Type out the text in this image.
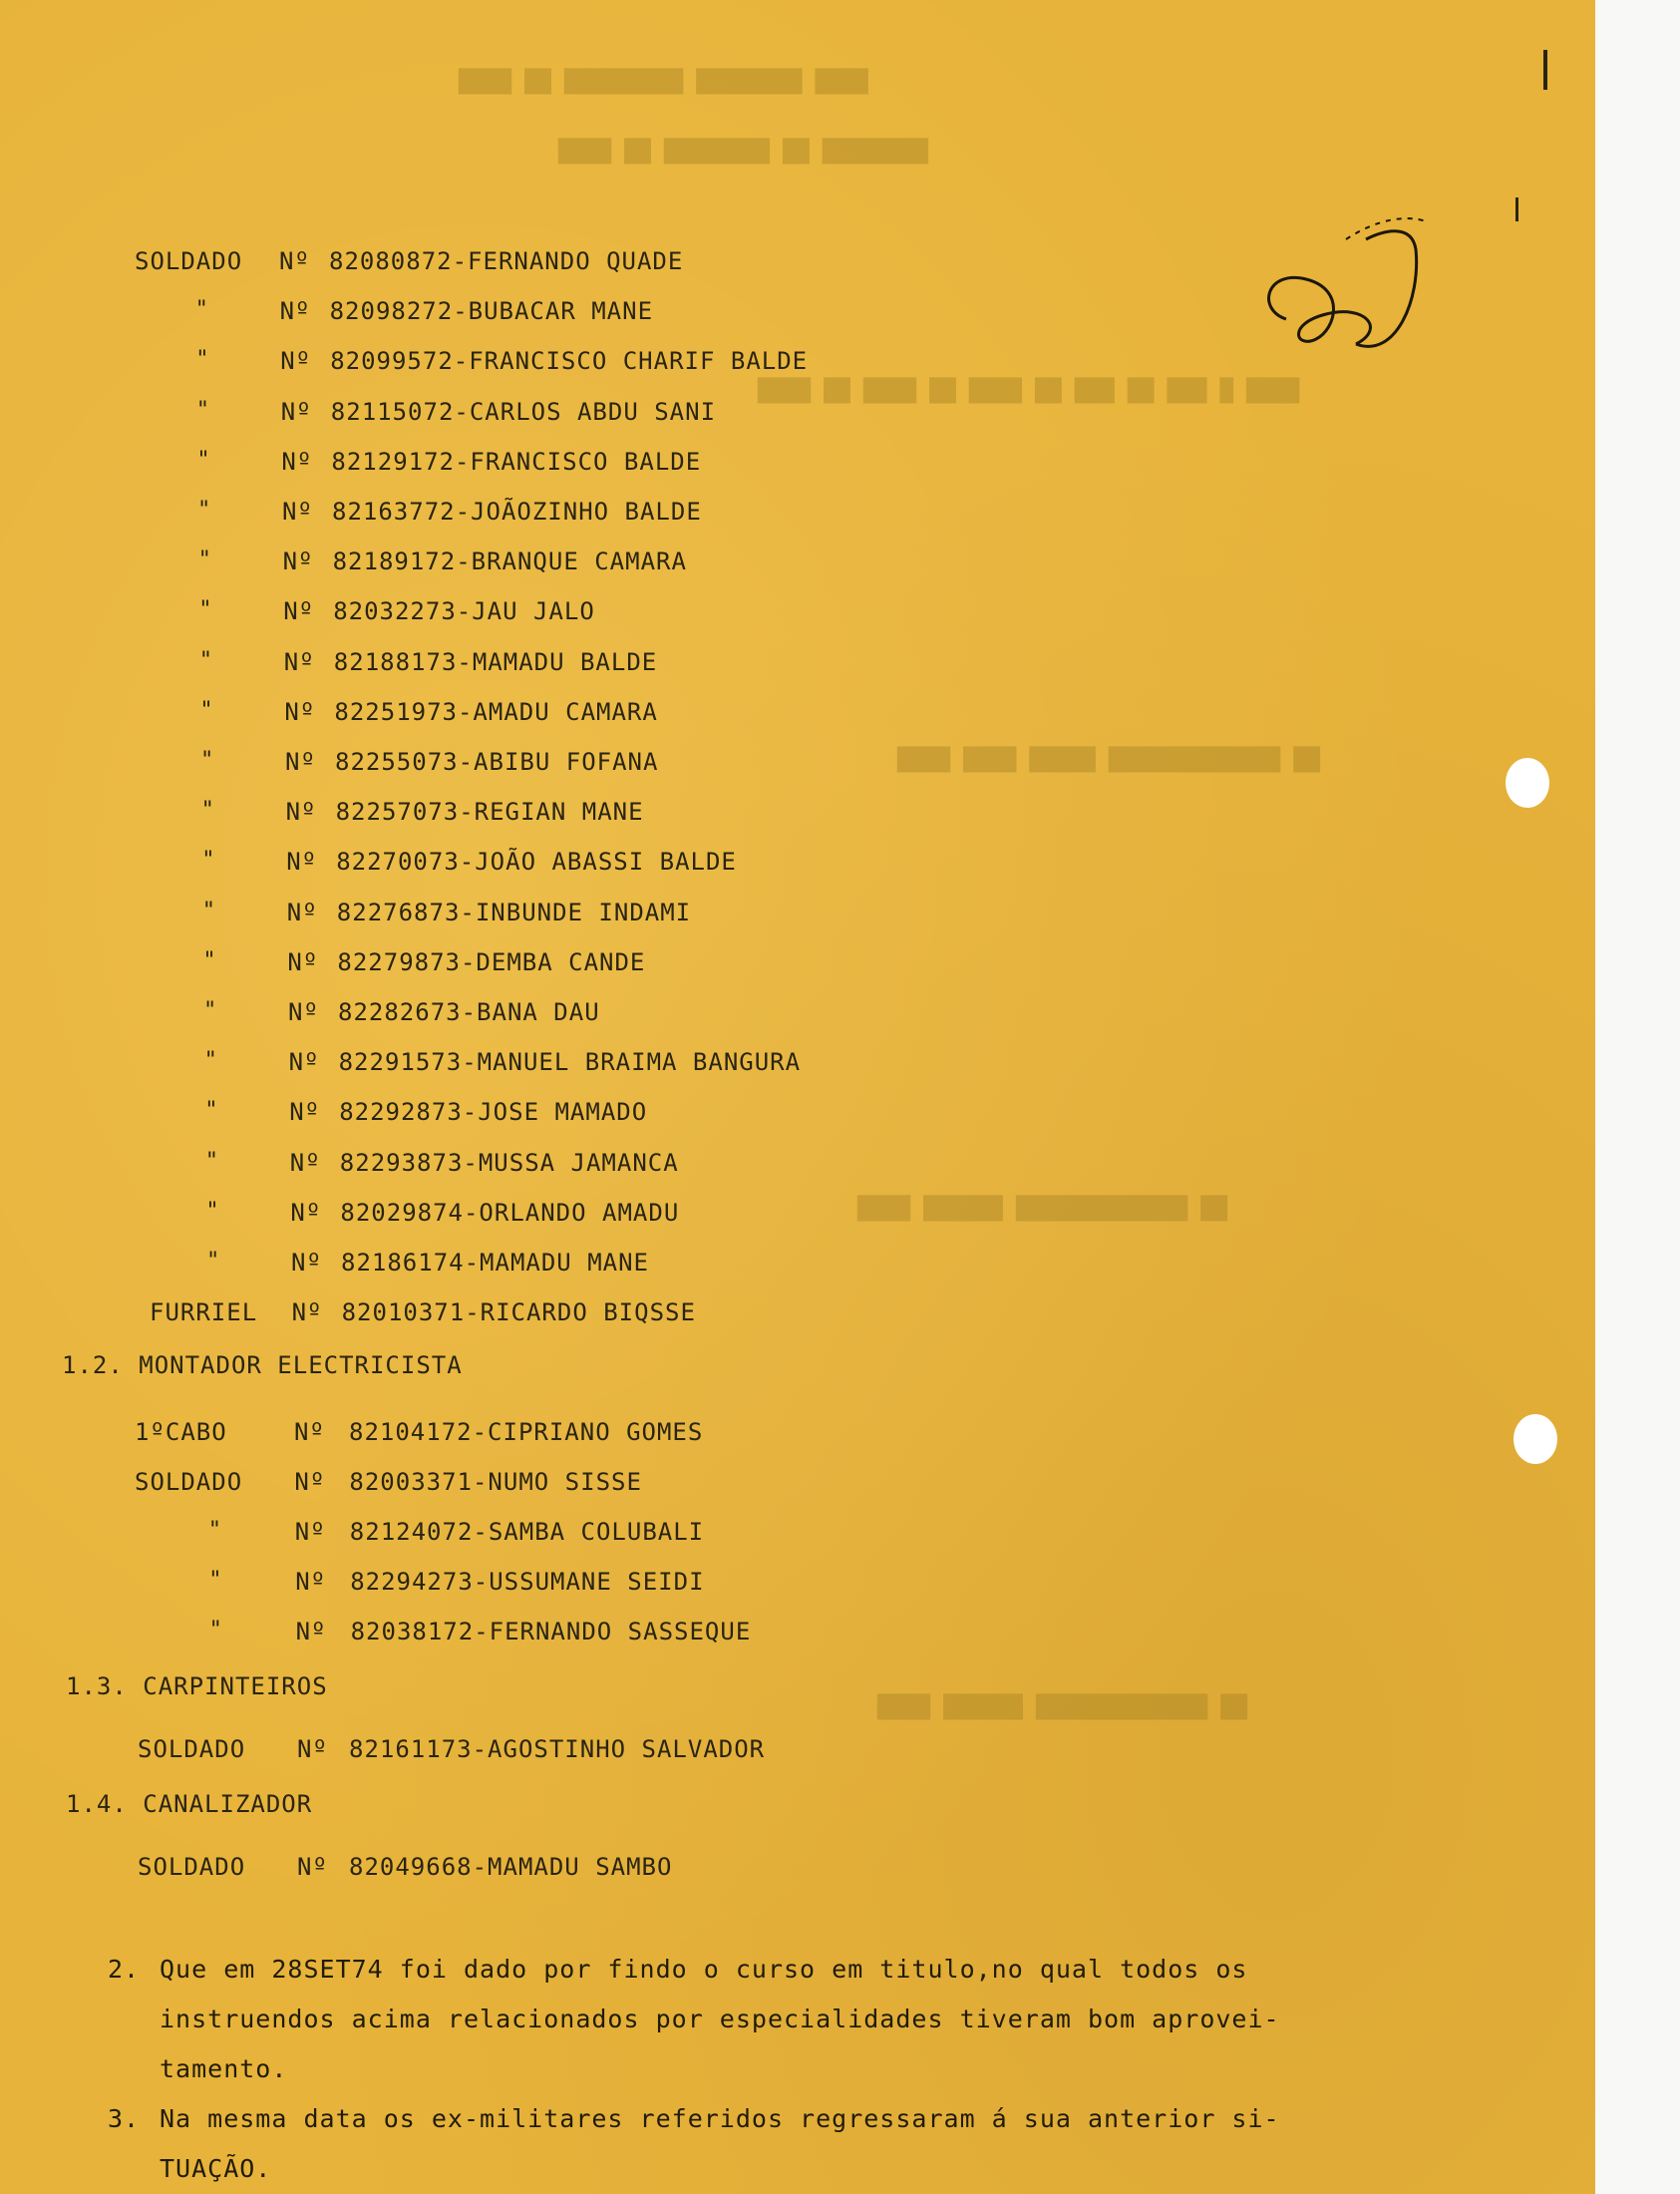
████ ████████ █████████ ██ ████
████████ ██ ████████ ██ ████
████ █ ███ ██ ███ ██ ████ ██ ████ ██ ████
██ █████████████ █████ ████ ████
██ █████████████ ██████ ████
██ █████████████ ██████ ████
SOLDADO Nº 82080872-FERNANDO QUADE
"	Nº 82098272-BUBACAR MANE
"	Nº 82099572-FRANCISCO CHARIF BALDE
"	Nº 82115072-CARLOS ABDU SANI
"	Nº 82129172-FRANCISCO BALDE
"	Nº 82163772-JOÃOZINHO BALDE
"	Nº 82189172-BRANQUE CAMARA
"	Nº 82032273-JAU JALO
"	Nº 82188173-MAMADU BALDE
"	Nº 82251973-AMADU CAMARA
"	Nº 82255073-ABIBU FOFANA
"	Nº 82257073-REGIAN MANE
"	Nº 82270073-JOÃO ABASSI BALDE
"	Nº 82276873-INBUNDE INDAMI
"	Nº 82279873-DEMBA CANDE
"	Nº 82282673-BANA DAU
"	Nº 82291573-MANUEL BRAIMA BANGURA
"	Nº 82292873-JOSE MAMADO
"	Nº 82293873-MUSSA JAMANCA
"	Nº 82029874-ORLANDO AMADU
"	Nº 82186174-MAMADU MANE
FURRIEL Nº 82010371-RICARDO BIQSSE
1.2. MONTADOR ELECTRICISTA
1ºCABO	Nº 82104172-CIPRIANO GOMES
SOLDADO Nº 82003371-NUMO SISSE
"	Nº 82124072-SAMBA COLUBALI
"	Nº 82294273-USSUMANE SEIDI
"	Nº 82038172-FERNANDO SASSEQUE
1.3. CARPINTEIROS
SOLDADO Nº 82161173-AGOSTINHO SALVADOR
1.4. CANALIZADOR
SOLDADO Nº 82049668-MAMADU SAMBO
2. Que em 28SET74 foi dado por findo o curso em titulo,no qual todos os
instruendos acima relacionados por especialidades tiveram bom aprovei-
tamento.
3. Na mesma data os ex-militares referidos regressaram á sua anterior si-
TUAÇÃO.
